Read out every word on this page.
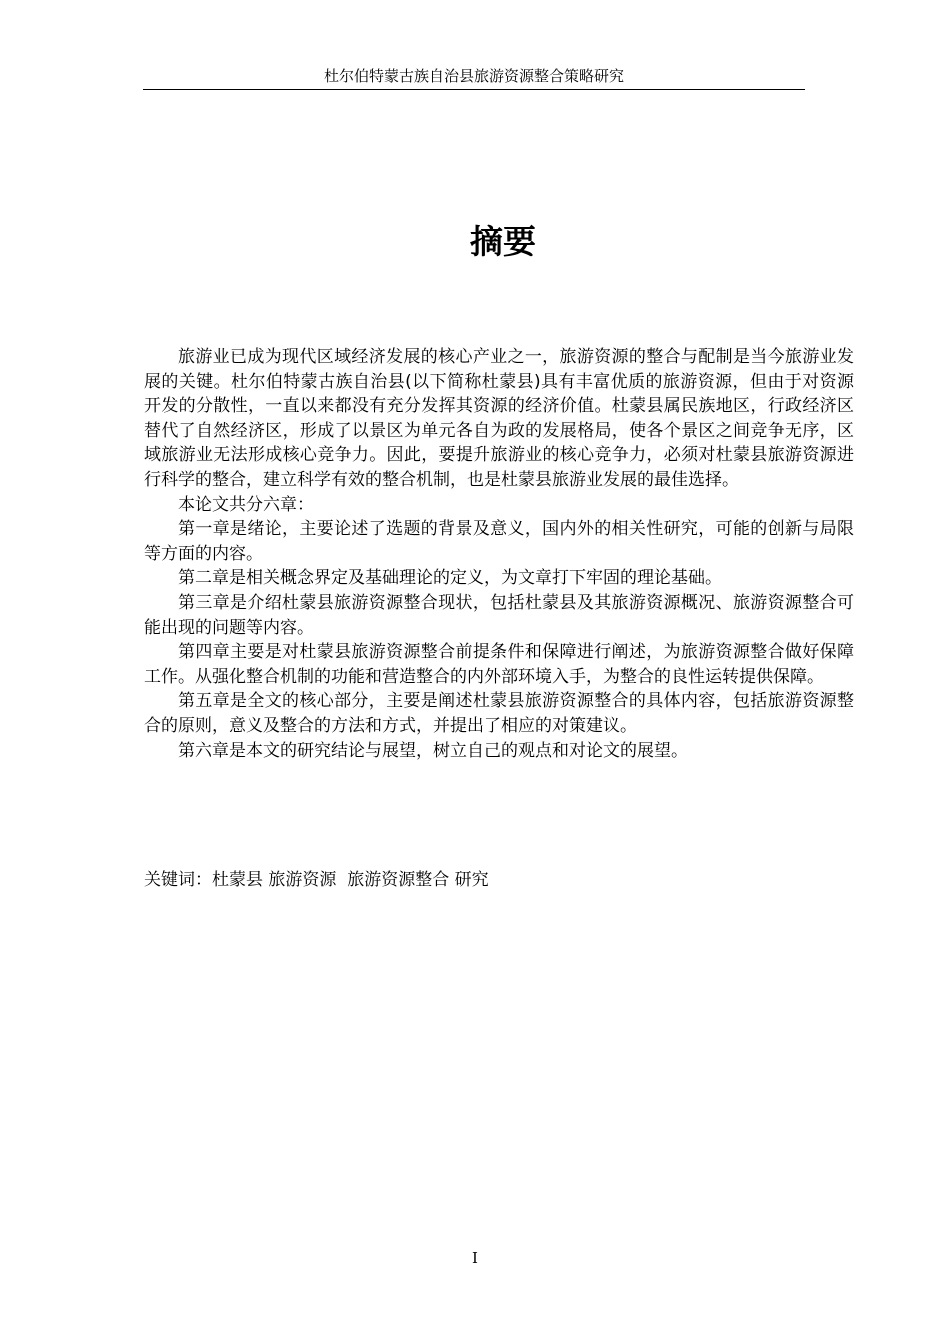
杜尔伯特蒙古族自治县旅游资源整合策略研究
摘要

旅游业已成为现代区域经济发展的核心产业之一，旅游资源的整合与配制是当今旅游业发展的关键。杜尔伯特蒙古族自治县(以下简称杜蒙县)具有丰富优质的旅游资源，但由于对资源开发的分散性，一直以来都没有充分发挥其资源的经济价值。杜蒙县属民族地区，行政经济区替代了自然经济区，形成了以景区为单元各自为政的发展格局，使各个景区之间竞争无序，区域旅游业无法形成核心竞争力。因此，要提升旅游业的核心竞争力，必须对杜蒙县旅游资源进行科学的整合，建立科学有效的整合机制，也是杜蒙县旅游业发展的最佳选择。

本论文共分六章：

第一章是绪论，主要论述了选题的背景及意义，国内外的相关性研究，可能的创新与局限等方面的内容。

第二章是相关概念界定及基础理论的定义，为文章打下牢固的理论基础。

第三章是介绍杜蒙县旅游资源整合现状，包括杜蒙县及其旅游资源概况、旅游资源整合可能出现的问题等内容。

第四章主要是对杜蒙县旅游资源整合前提条件和保障进行阐述，为旅游资源整合做好保障工作。从强化整合机制的功能和营造整合的内外部环境入手，为整合的良性运转提供保障。

第五章是全文的核心部分，主要是阐述杜蒙县旅游资源整合的具体内容，包括旅游资源整合的原则，意义及整合的方法和方式，并提出了相应的对策建议。

第六章是本文的研究结论与展望，树立自己的观点和对论文的展望。

关键词：杜蒙县 旅游资源  旅游资源整合 研究
I
